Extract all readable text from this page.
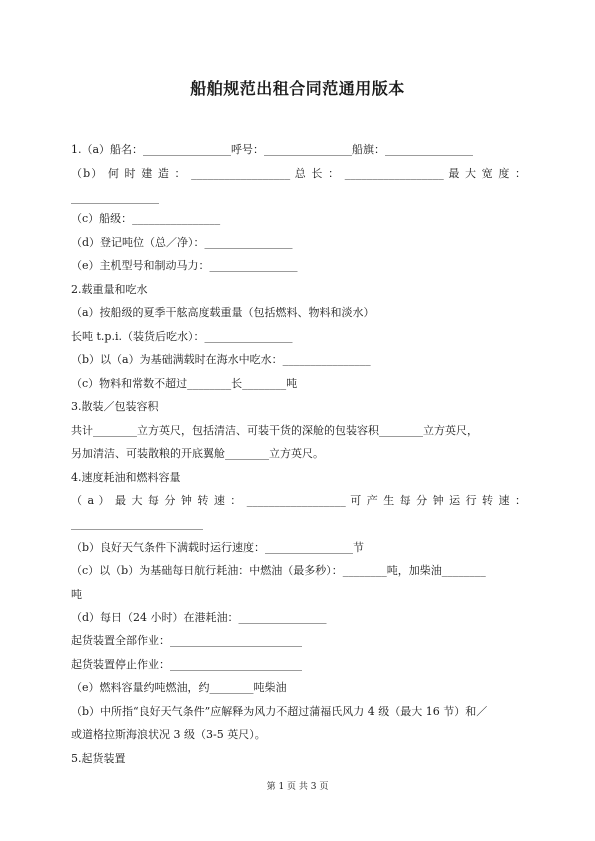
船舶规范出租合同范通用版本
1.（a）船名：________________呼号：________________船旗：________________
（b） 何 时 建 造 ： __________________ 总 长 ： __________________ 最 大 宽 度 ：
________________
（c）船级：________________
（d）登记吨位（总／净）：________________
（e）主机型号和制动马力：________________
2.载重量和吃水
（a）按船级的夏季干舷高度载重量（包括燃料、物料和淡水）
长吨 t.p.i.（装货后吃水）：________________
（b）以（a）为基础满载时在海水中吃水：________________
（c）物料和常数不超过________长________吨
3.散装／包装容积
共计________立方英尺，包括清洁、可装干货的深舱的包装容积________立方英尺，
另加清洁、可装散粮的开底翼舱________立方英尺。
4.速度耗油和燃料容量
（ a ） 最 大 每 分 钟 转 速 ： __________________ 可 产 生 每 分 钟 运 行 转 速 ：
________________________
（b）良好天气条件下满载时运行速度：________________节
（c）以（b）为基础每日航行耗油：中燃油（最多秒）：________吨，加柴油________
吨
（d）每日（24 小时）在港耗油：________________
起货装置全部作业：________________________
起货装置停止作业：________________________
（e）燃料容量约吨燃油，约________吨柴油
（b）中所指“良好天气条件”应解释为风力不超过蒲福氏风力 4 级（最大 16 节）和／
或道格拉斯海浪状况 3 级（3-5 英尺）。
5.起货装置
第 1 页 共 3 页
